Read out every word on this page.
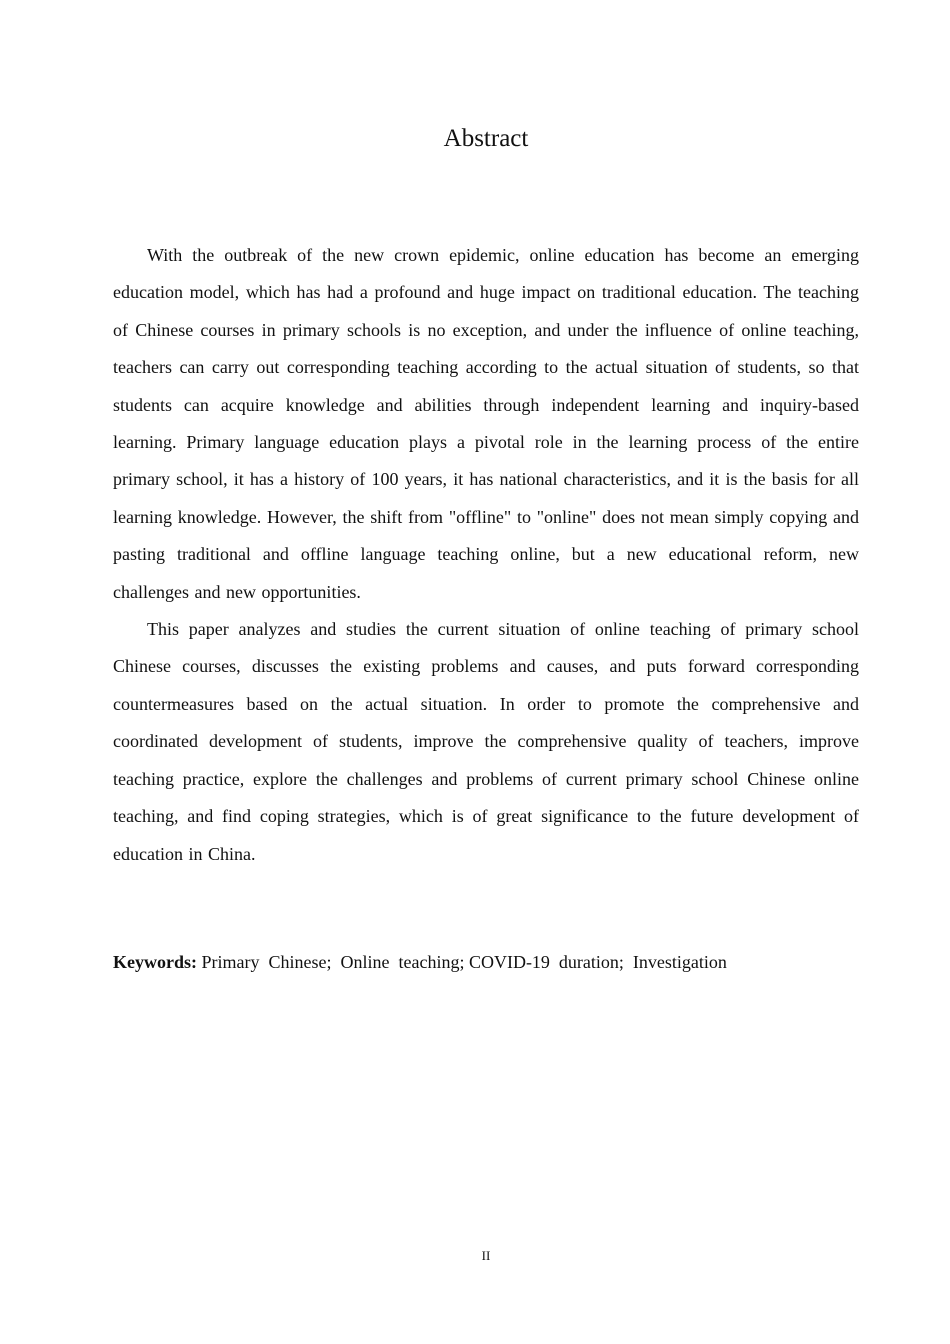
Abstract

With the outbreak of the new crown epidemic, online education has become an emerging education model, which has had a profound and huge impact on traditional education. The teaching of Chinese courses in primary schools is no exception, and under the influence of online teaching, teachers can carry out corresponding teaching according to the actual situation of students, so that students can acquire knowledge and abilities through independent learning and inquiry-based learning. Primary language education plays a pivotal role in the learning process of the entire primary school, it has a history of 100 years, it has national characteristics, and it is the basis for all learning knowledge. However, the shift from "offline" to "online" does not mean simply copying and pasting traditional and offline language teaching online, but a new educational reform, new challenges and new opportunities.

This paper analyzes and studies the current situation of online teaching of primary school Chinese courses, discusses the existing problems and causes, and puts forward corresponding countermeasures based on the actual situation. In order to promote the comprehensive and coordinated development of students, improve the comprehensive quality of teachers, improve teaching practice, explore the challenges and problems of current primary school Chinese online teaching, and find coping strategies, which is of great significance to the future development of education in China.

Keywords: Primary  Chinese;  Online  teaching; COVID-19  duration;  Investigation
II
